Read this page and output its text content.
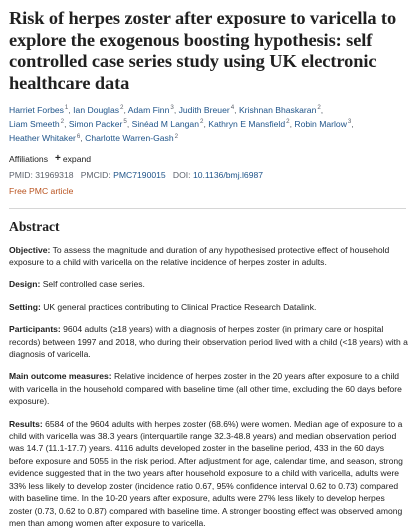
Risk of herpes zoster after exposure to varicella to explore the exogenous boosting hypothesis: self controlled case series study using UK electronic healthcare data
Harriet Forbes$^1$, Ian Douglas$^2$, Adam Finn$^3$, Judith Breuer$^4$, Krishnan Bhaskaran$^2$,
Liam Smeeth$^2$, Simon Packer$^5$, Sinéad M Langan$^2$, Kathryn E Mansfield$^2$, Robin Marlow$^3$,
Heather Whitaker$^6$, Charlotte Warren-Gash$^2$
Affiliations + expand
PMID: 31969318 PMCID: PMC7190015 DOI: 10.1136/bmj.l6987
Free PMC article
Abstract

Objective: To assess the magnitude and duration of any hypothesised protective effect of household exposure to a child with varicella on the relative incidence of herpes zoster in adults.

Design: Self controlled case series.

Setting: UK general practices contributing to Clinical Practice Research Datalink.

Participants: 9604 adults (≥18 years) with a diagnosis of herpes zoster (in primary care or hospital records) between 1997 and 2018, who during their observation period lived with a child (<18 years) with a diagnosis of varicella.

Main outcome measures: Relative incidence of herpes zoster in the 20 years after exposure to a child with varicella in the household compared with baseline time (all other time, excluding the 60 days before exposure).

Results: 6584 of the 9604 adults with herpes zoster (68.6%) were women. Median age of exposure to a child with varicella was 38.3 years (interquartile range 32.3-48.8 years) and median observation period was 14.7 (11.1-17.7) years. 4116 adults developed zoster in the baseline period, 433 in the 60 days before exposure and 5055 in the risk period. After adjustment for age, calendar time, and season, strong evidence suggested that in the two years after household exposure to a child with varicella, adults were 33% less likely to develop zoster (incidence ratio 0.67, 95% confidence interval 0.62 to 0.73) compared with baseline time. In the 10-20 years after exposure, adults were 27% less likely to develop herpes zoster (0.73, 0.62 to 0.87) compared with baseline time. A stronger boosting effect was observed among men than among women after exposure to varicella.
